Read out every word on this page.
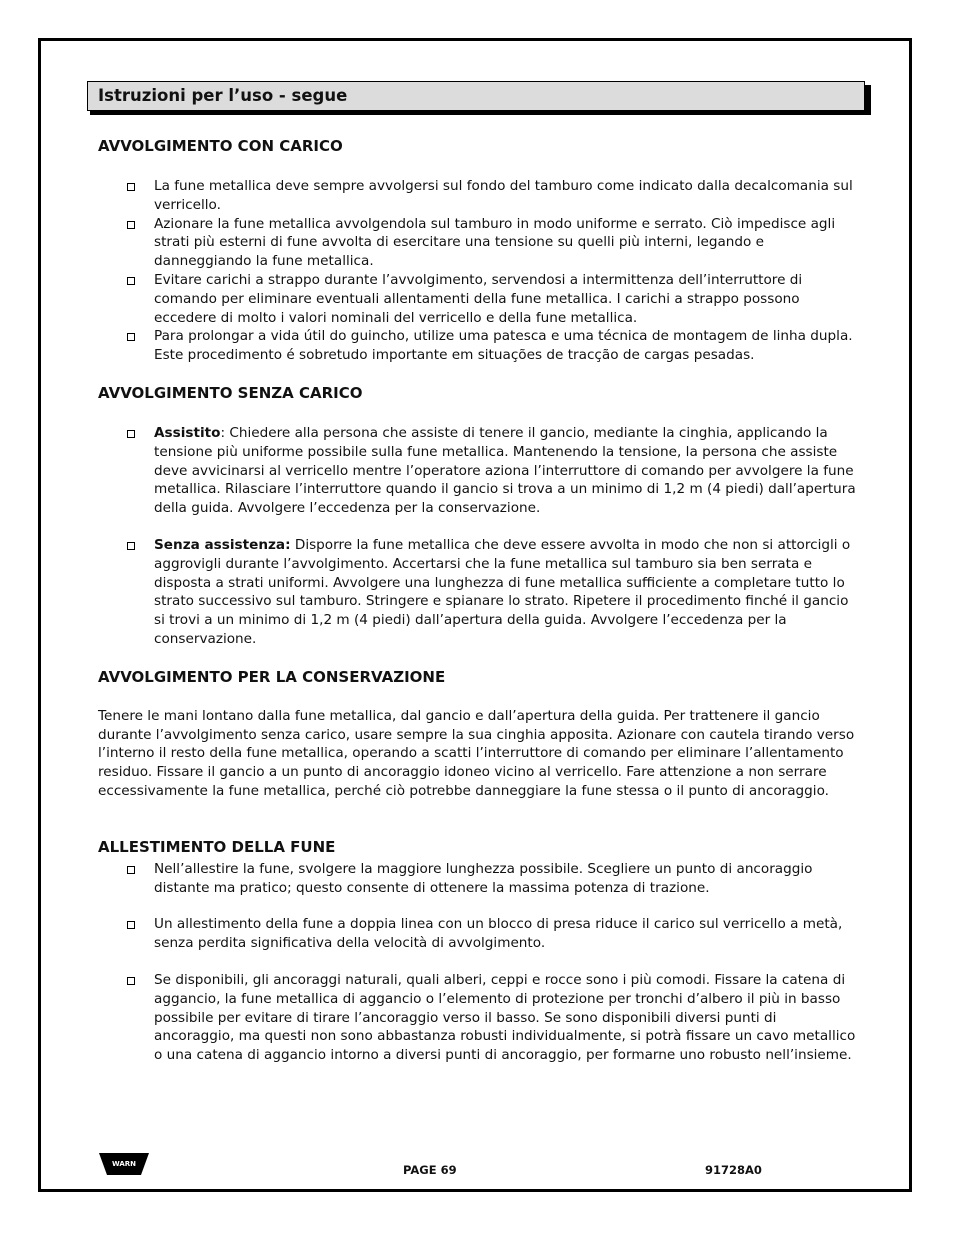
Istruzioni per l’uso - segue
AVVOLGIMENTO CON CARICO
La fune metallica deve sempre avvolgersi sul fondo del tamburo come indicato dalla decalcomania sul verricello.
Azionare la fune metallica avvolgendola sul tamburo in modo uniforme e serrato. Ciò impedisce agli strati più esterni di fune avvolta di esercitare una tensione su quelli più interni, legando e danneggiando la fune metallica.
Evitare carichi a strappo durante l’avvolgimento, servendosi a intermittenza dell’interruttore di comando per eliminare eventuali allentamenti della fune metallica. I carichi a strappo possono eccedere di molto i valori nominali del verricello e della fune metallica.
Para prolongar a vida útil do guincho, utilize uma patesca e uma técnica de montagem de linha dupla. Este procedimento é sobretudo importante em situações de tracção de cargas pesadas.
AVVOLGIMENTO SENZA CARICO
Assistito: Chiedere alla persona che assiste di tenere il gancio, mediante la cinghia, applicando la tensione più uniforme possibile sulla fune metallica. Mantenendo la tensione, la persona che assiste deve avvicinarsi al verricello mentre l’operatore aziona l’interruttore di comando per avvolgere la fune metallica. Rilasciare l’interruttore quando il gancio si trova a un minimo di 1,2 m (4 piedi) dall’apertura della guida. Avvolgere l’eccedenza per la conservazione.
Senza assistenza: Disporre la fune metallica che deve essere avvolta in modo che non si attorcigli o aggrovigli durante l’avvolgimento. Accertarsi che la fune metallica sul tamburo sia ben serrata e disposta a strati uniformi. Avvolgere una lunghezza di fune metallica sufficiente a completare tutto lo strato successivo sul tamburo. Stringere e spianare lo strato. Ripetere il procedimento finché il gancio si trovi a un minimo di 1,2 m (4 piedi) dall’apertura della guida. Avvolgere l’eccedenza per la conservazione.
AVVOLGIMENTO PER LA CONSERVAZIONE

Tenere le mani lontano dalla fune metallica, dal gancio e dall’apertura della guida. Per trattenere il gancio durante l’avvolgimento senza carico, usare sempre la sua cinghia apposita. Azionare con cautela tirando verso l’interno il resto della fune metallica, operando a scatti l’interruttore di comando per eliminare l’allentamento residuo. Fissare il gancio a un punto di ancoraggio idoneo vicino al verricello. Fare attenzione a non serrare eccessivamente la fune metallica, perché ciò potrebbe danneggiare la fune stessa o il punto di ancoraggio.

ALLESTIMENTO DELLA FUNE
Nell’allestire la fune, svolgere la maggiore lunghezza possibile. Scegliere un punto di ancoraggio distante ma pratico; questo consente di ottenere la massima potenza di trazione.
Un allestimento della fune a doppia linea con un blocco di presa riduce il carico sul verricello a metà, senza perdita significativa della velocità di avvolgimento.
Se disponibili, gli ancoraggi naturali, quali alberi, ceppi e rocce sono i più comodi. Fissare la catena di aggancio, la fune metallica di aggancio o l’elemento di protezione per tronchi d’albero il più in basso possibile per evitare di tirare l’ancoraggio verso il basso. Se sono disponibili diversi punti di ancoraggio, ma questi non sono abbastanza robusti individualmente, si potrà fissare un cavo metallico o una catena di aggancio intorno a diversi punti di ancoraggio, per formarne uno robusto nell’insieme.
WARN	PAGE 69	91728A0
